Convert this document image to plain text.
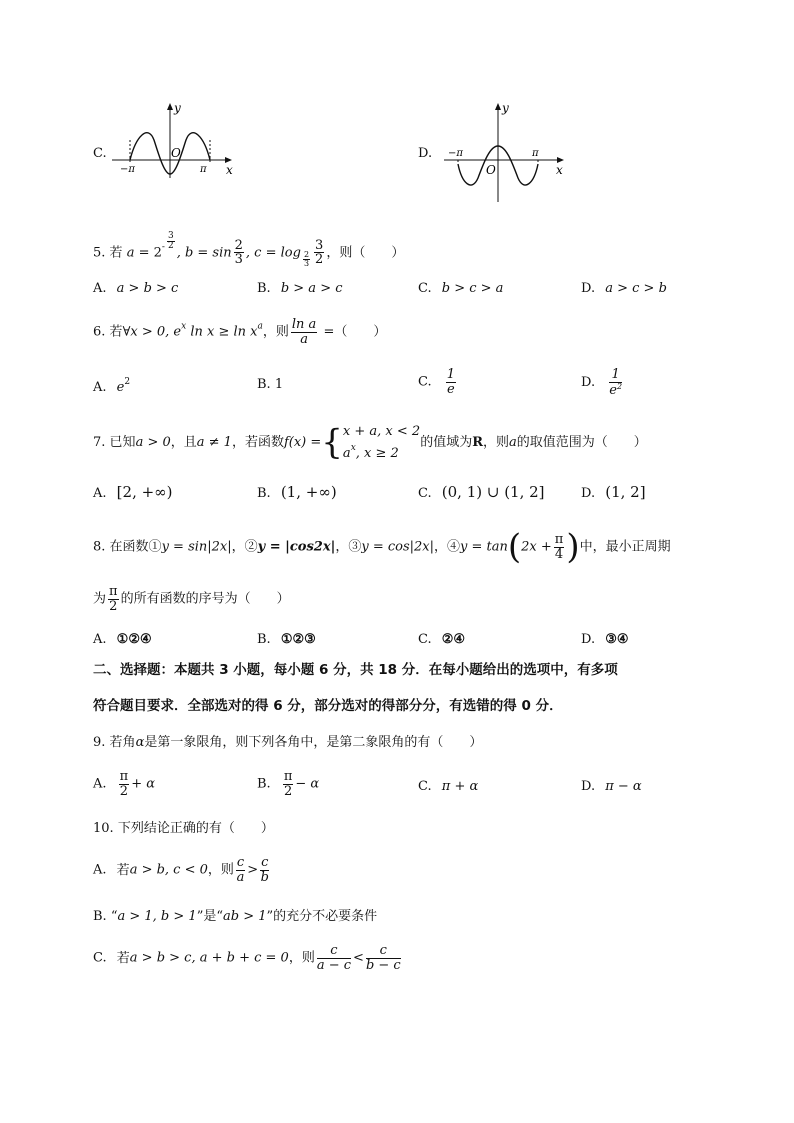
C.
y
x
O
−π	π
D.
y
x
O
−π	π
5. 若 $a = 2^- \frac{3}{2}$
, $b = \sin \frac{2}{3}$ , $c = \log \frac{2}{3} \frac{3}{2}$ ，则（　　）
A. a > b > c	B. b > a > c	C. b > c > a	D. a > c > b
6. 若∀x > 0, $e^x$ $\ln x \ge \ln x^a$，则 $\frac{\text{ln a}}{a}$ =（　　）
A. $e^2$	B. 1	C. $\frac{1}{e}$	D. $\frac{1}{e^2}$
7. 已知a > 0，且a ≠ 1，若函数f(x) ={ x + a, x < 2
$a^x$, x ≥ 2
的值域为R，则a的取值范围为（　　）
A. [2, +∞)	B. (1, +∞)	C. (0, 1) ∪ (1, 2]	D. (1, 2]
8. 在函数①y = sin|2x|，②y = |cos2x|，③y = cos|2x|，④y = $\tan(2x + \frac{\pi}{4}$ )中，最小正周期
为 $\frac{\pi}{2}$ 的所有函数的序号为（　　）
A. ①②④	B. ①②③	C. ②④	D. ③④
二、选择题：本题共 3 小题，每小题 6 分，共 18 分．在每小题给出的选项中，有多项
符合题目要求．全部选对的得 6 分，部分选对的得部分分，有选错的得 0 分．
9. 若角α是第一象限角，则下列各角中，是第二象限角的有（　　）
A. $\frac{\pi}{2} + \alpha$	B. $\frac{\pi}{2} - \alpha$	C. π + α	D. π − α
10. 下列结论正确的有（　　）
A. 若a > b, c < 0，则 $\frac{c}{a} > \frac{c}{b}$
B. “a > 1, b > 1”是“ab > 1”的充分不必要条件
C. 若a > b > c, a + b + c = 0，则 $\frac{c}{a - c} < \frac{c}{b - c}$
